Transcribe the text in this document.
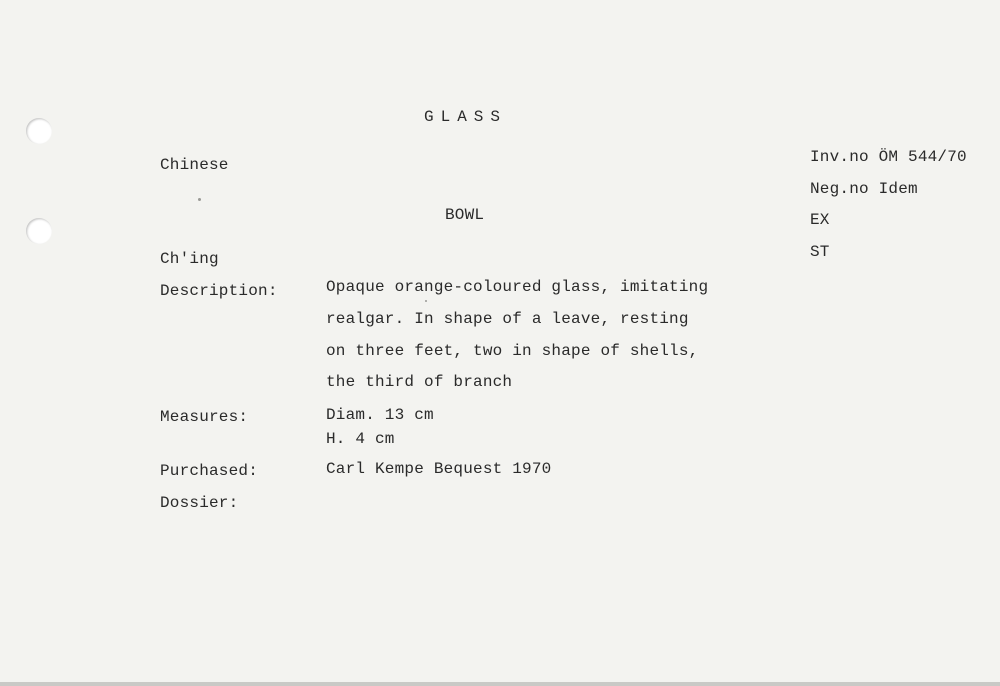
GLASS
Chinese
BOWL
Ch'ing
Inv.no ÖM 544/70
Neg.no Idem
EX
ST
Description:	Opaque orange-coloured glass, imitating
realgar. In shape of a leave, resting
on three feet, two in shape of shells,
the third of branch
Measures:	Diam. 13 cm
H. 4 cm
Purchased:	Carl Kempe Bequest 1970
Dossier:
